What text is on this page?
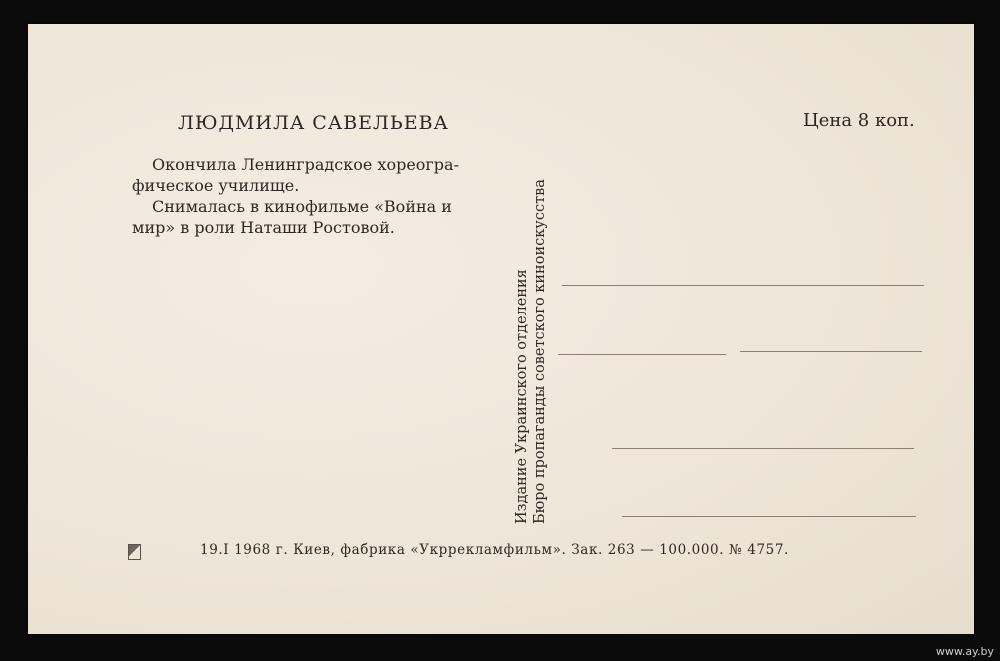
ЛЮДМИЛА САВЕЛЬЕВА	Цена 8 коп.
Окончила Ленинградское хореогра-
фическое училище.
Снималась в кинофильме «Война и
мир» в роли Наташи Ростовой.
Издание Украинского отделения Бюро пропаганды советского киноискусства
19.I 1968 г. Киев, фабрика «Укррекламфильм». Зак. 263 — 100.000. № 4757.
www.ay.by
